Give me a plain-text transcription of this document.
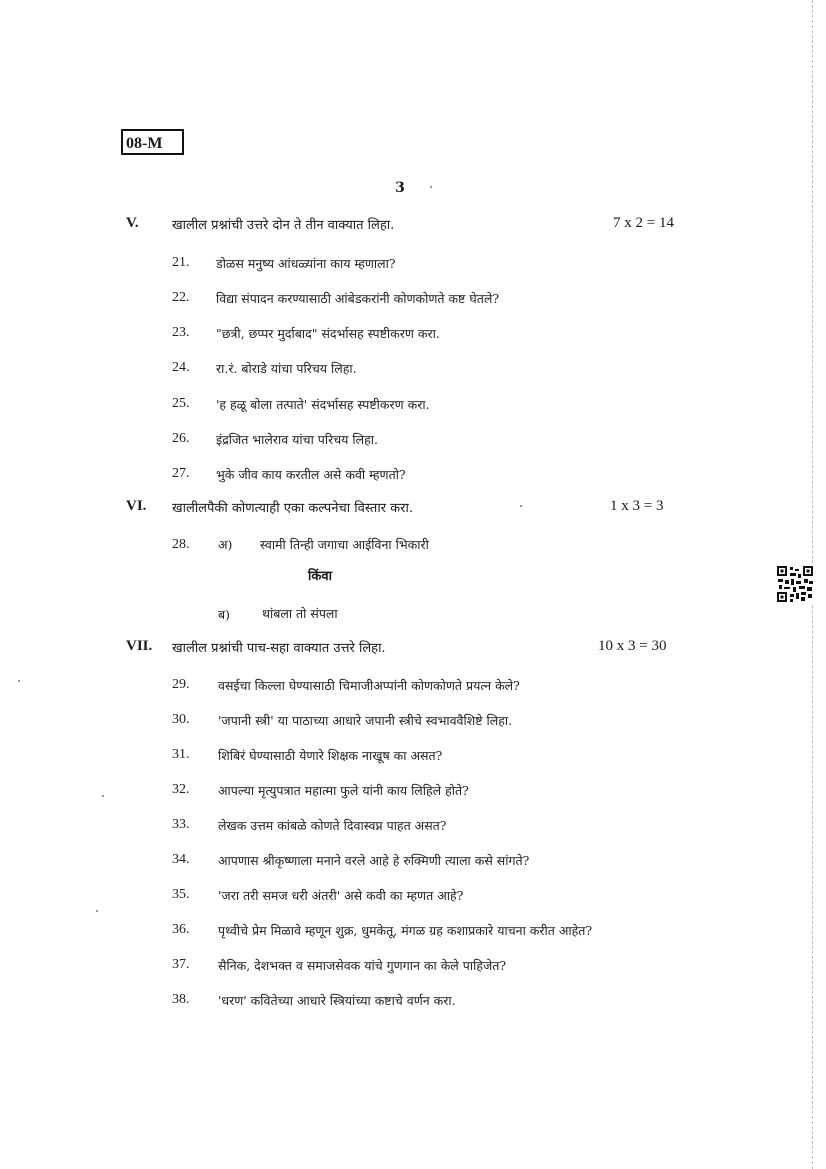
08-M
3
V.	खालील प्रश्नांची उत्तरे दोन ते तीन वाक्यात लिहा.	7 x 2 = 14
21. डोळस मनुष्य आंधळ्यांना काय म्हणाला?
22. विद्या संपादन करण्यासाठी आंबेडकरांनी कोणकोणते कष्ट घेतले?
23. "छत्री, छप्पर मुर्दाबाद" संदर्भासह स्पष्टीकरण करा.
24. रा.रं. बोराडे यांचा परिचय लिहा.
25. 'ह हळू बोला तत्पाते' संदर्भासह स्पष्टीकरण करा.
26. इंद्रजित भालेराव यांचा परिचय लिहा.
27. भुके जीव काय करतील असे कवी म्हणतो?
VI. खालीलपैकी कोणत्याही एका कल्पनेचा विस्तार करा.	1 x 3 = 3
28. अ) स्वामी तिन्ही जगाचा आईविना भिकारी
किंवा
ब)	थांबला तो संपला
VII. खालील प्रश्नांची पाच-सहा वाक्यात उत्तरे लिहा.	10 x 3 = 30
29. वसईचा किल्ला घेण्यासाठी चिमाजीअप्पांनी कोणकोणते प्रयत्न केले?
30. 'जपानी स्त्री' या पाठाच्या आधारे जपानी स्त्रीचे स्वभाववैशिष्टे लिहा.
31. शिबिरं घेण्यासाठी येणारे शिक्षक नाखूष का असत?
32. आपल्या मृत्युपत्रात महात्मा फुले यांनी काय लिहिले होते?
33. लेखक उत्तम कांबळे कोणते दिवास्वप्न पाहत असत?
34. आपणास श्रीकृष्णाला मनाने वरले आहे हे रुक्मिणी त्याला कसे सांगते?
35. 'जरा तरी समज धरी अंतरी' असे कवी का म्हणत आहे?
36. पृथ्वीचे प्रेम मिळावे म्हणून शुक्र, धुमकेतू, मंगळ ग्रह कशाप्रकारे याचना करीत आहेत?
37. सैनिक, देशभक्त व समाजसेवक यांचे गुणगान का केले पाहिजेत?
38. 'धरण' कवितेच्या आधारे स्त्रियांच्या कष्टाचे वर्णन करा.
